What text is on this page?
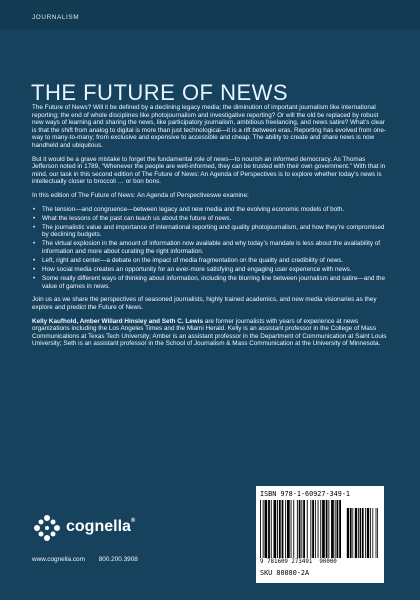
JOURNALISM
THE FUTURE OF NEWS

The Future of News? Will it be defined by a declining legacy media; the diminution of important journalism like international reporting; the end of whole disciplines like photojournalism and investigative reporting? Or will the old be replaced by robust new ways of learning and sharing the news, like participatory journalism, ambitious freelancing, and news satire? What’s clear is that the shift from analog to digital is more than just technological—it is a rift between eras. Reporting has evolved from one-way to many-to-many; from exclusive and expensive to accessible and cheap. The ability to create and share news is now handheld and ubiquitous.

But it would be a grave mistake to forget the fundamental role of news—to nourish an informed democracy. As Thomas Jefferson noted in 1789, “Whenever the people are well-informed, they can be trusted with their own government.” With that in mind, our task in this second edition of The Future of News: An Agenda of Perspectives is to explore whether today’s news is intellectually closer to broccoli … or bon bons.

In this edition of The Future of News: An Agenda of Perspectiveswe examine:

• The tension—and congruence—between legacy and new media and the evolving economic models of both.
• What the lessons of the past can teach us about the future of news.
• The journalistic value and importance of international reporting and quality photojournalism, and how they’re compromised by declining budgets.
• The virtual explosion in the amount of information now available and why today’s mandate is less about the availability of information and more about curating the right information.
• Left, right and center—a debate on the impact of media fragmentation on the quality and credibility of news.
• How social media creates an opportunity for an ever-more satisfying and engaging user experience with news.
• Some really different ways of thinking about information, including the blurring line between journalism and satire—and the value of games in news.

Join us as we share the perspectives of seasoned journalists, highly trained academics, and new media visionaries as they explore and predict the Future of News.

Kelly Kaufhold, Amber Willard Hinsley and Seth C. Lewis are former journalists with years of experience at news organizations including the Los Angeles Times and the Miami Herald. Kelly is an assistant professor in the College of Mass Communications at Texas Tech University; Amber is an assistant professor in the Department of Communication at Saint Louis University; Seth is an assistant professor in the School of Journalism & Mass Communication at the University of Minnesota.

cognella®
www.cognella.com 800.200.3908
ISBN 978-1-60927-349-1
9 781609 273491 90000
SKU 80080-2A
